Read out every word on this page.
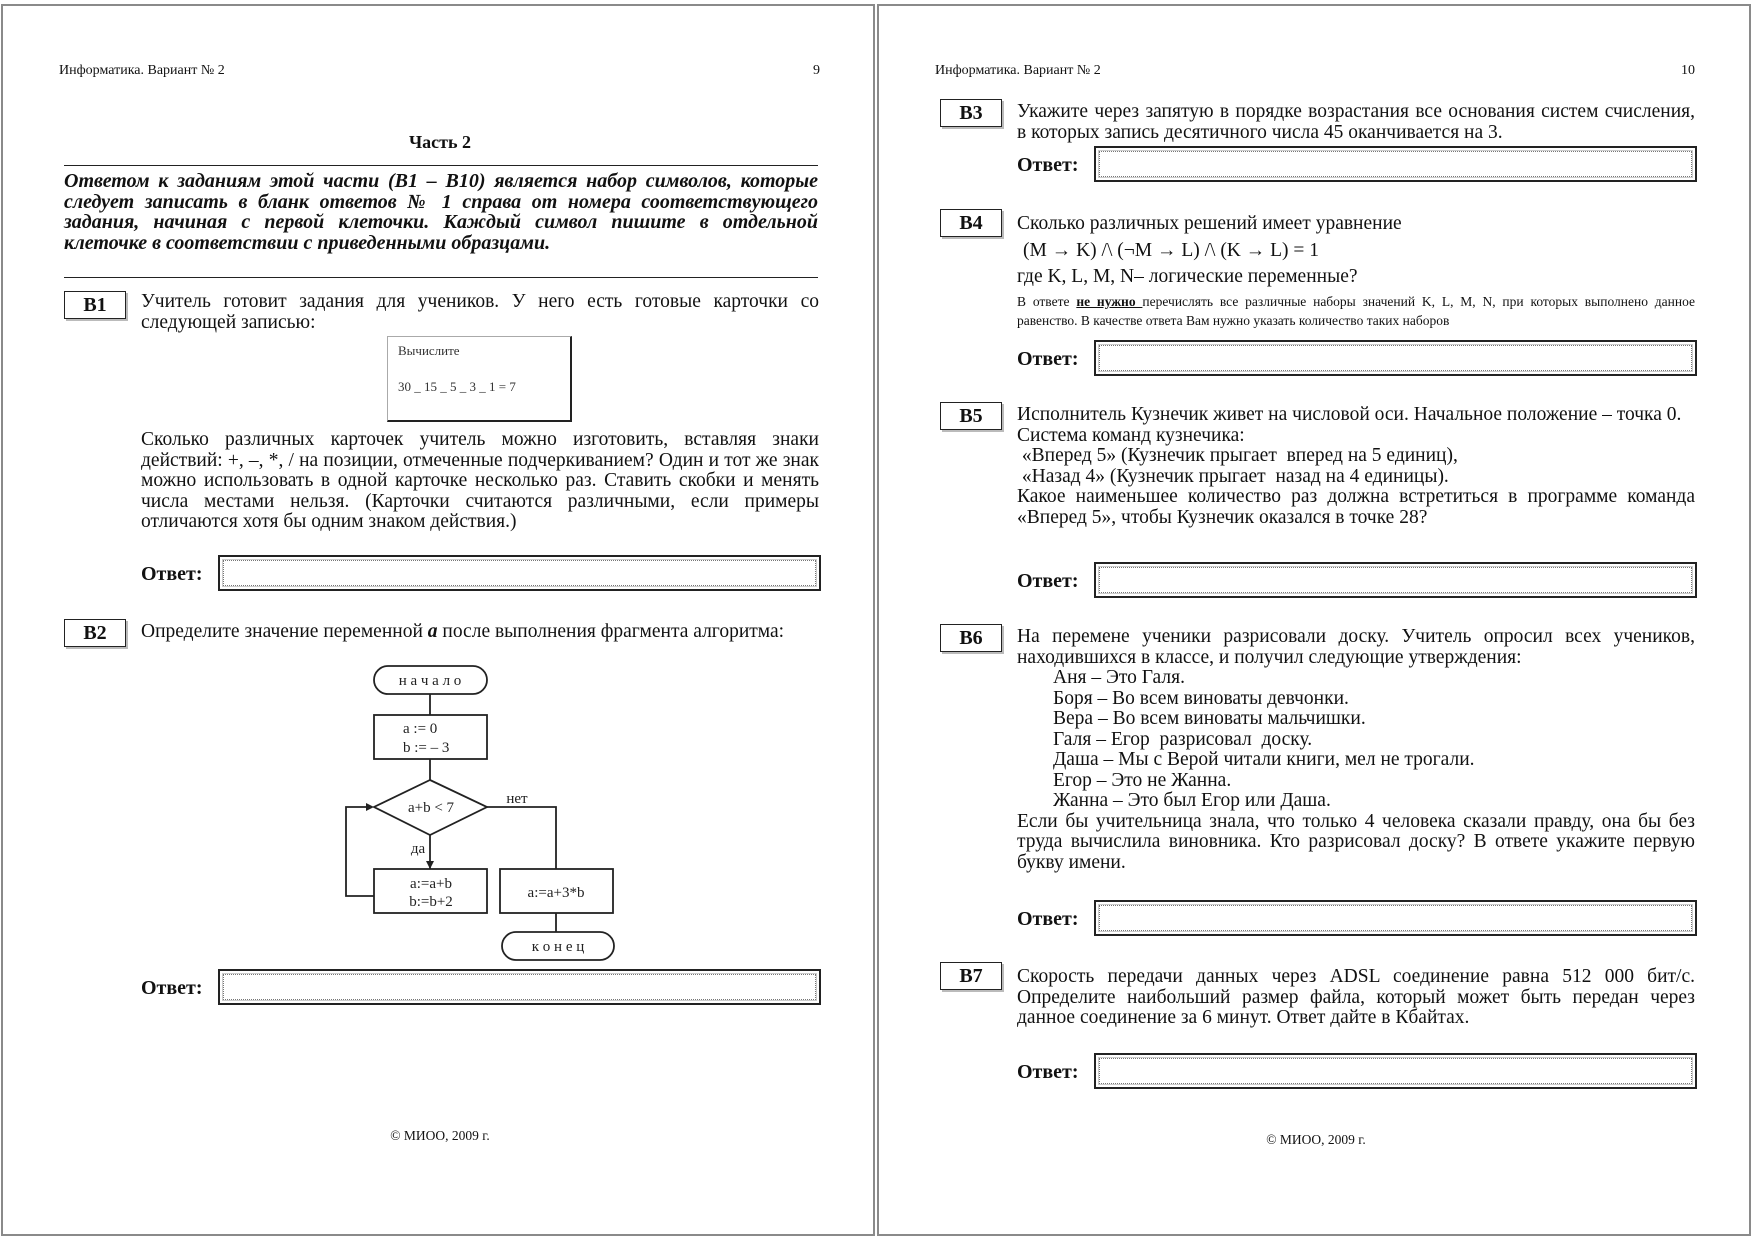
Информатика. Вариант № 2	9
Часть 2
Ответом к заданиям этой части (В1 – В10) является набор символов, которые следует записать в бланк ответов № 1 справа от номера соответствующего задания, начиная с первой клеточки. Каждый символ пишите в отдельной клеточке в соответствии с приведенными образцами.
B1	Учитель готовит задания для учеников. У него есть готовые карточки со следующей записью:
Вычислите
30 _ 15 _ 5 _ 3 _ 1 = 7
Сколько различных карточек учитель можно изготовить, вставляя знаки действий: +, –, *, / на позиции, отмеченные подчеркиванием? Один и тот же знак можно использовать в одной карточке несколько раз. Ставить скобки и менять числа местами нельзя. (Карточки считаются различными, если примеры отличаются хотя бы одним знаком действия.)
Ответ:
B2	Определите значение переменной a после выполнения фрагмента алгоритма:
н а ч а л о
a := 0
b := – 3
a+b < 7
нет
да
a:=a+b
b:=b+2
a:=a+3*b
к о н е ц
Ответ:
© МИОО, 2009 г.
Информатика. Вариант № 2	10
B3	Укажите через запятую в порядке возрастания все основания систем счисления, в которых запись десятичного числа 45 оканчивается на 3.
Ответ:
B4	Сколько различных решений имеет уравнение

(M → K) /\ (¬M → L) /\ (K → L) = 1

где K, L, M, N– логические переменные?

В ответе не нужно перечислять все различные наборы значений K, L, M, N, при которых выполнено данное равенство. В качестве ответа Вам нужно указать количество таких наборов

Ответ:
B5	Исполнитель Кузнечик живет на числовой оси. Начальное положение – точка 0.

Система команд кузнечика:

«Вперед 5» (Кузнечик прыгает  вперед на 5 единиц),

«Назад 4» (Кузнечик прыгает  назад на 4 единицы).

Какое наименьшее количество раз должна встретиться в программе команда «Вперед 5», чтобы Кузнечик оказался в точке 28?

Ответ:
B6	На перемене ученики разрисовали доску. Учитель опросил всех учеников, находившихся в классе, и получил следующие утверждения:

Аня – Это Галя.

Боря – Во всем виноваты девчонки.

Вера – Во всем виноваты мальчишки.

Галя – Егор  разрисовал  доску.

Даша – Мы с Верой читали книги, мел не трогали.

Егор – Это не Жанна.

Жанна – Это был Егор или Даша.

Если бы учительница знала, что только 4 человека сказали правду, она бы без труда вычислила виновника. Кто разрисовал доску? В ответе укажите первую букву имени.

Ответ:
B7	Скорость передачи данных через ADSL соединение равна 512 000 бит/с. Определите наибольший размер файла, который может быть передан через данное соединение за 6 минут. Ответ дайте в Кбайтах.
Ответ:
© МИОО, 2009 г.
